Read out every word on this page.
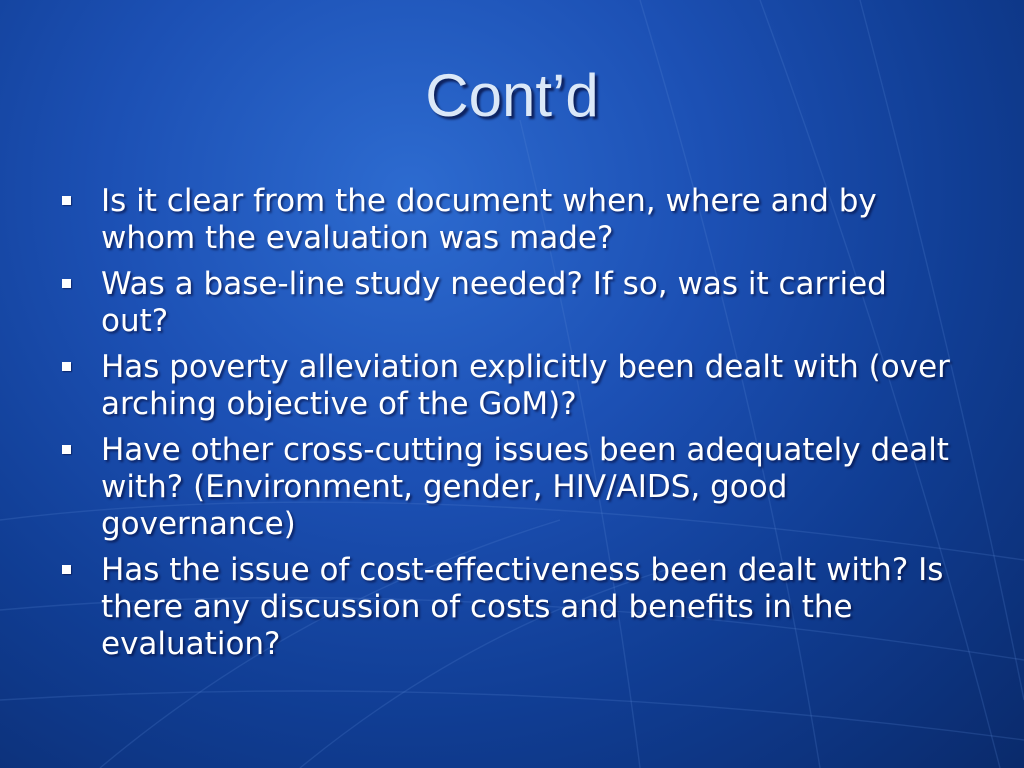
Cont’d
Is it clear from the document when, where and by whom the evaluation was made?
Was a base-line study needed? If so, was it carried out?
Has poverty alleviation explicitly been dealt with (over arching objective of the GoM)?
Have other cross-cutting issues been adequately dealt with? (Environment, gender, HIV/AIDS, good governance)
Has the issue of cost-effectiveness been dealt with? Is there any discussion of costs and benefits in the evaluation?
